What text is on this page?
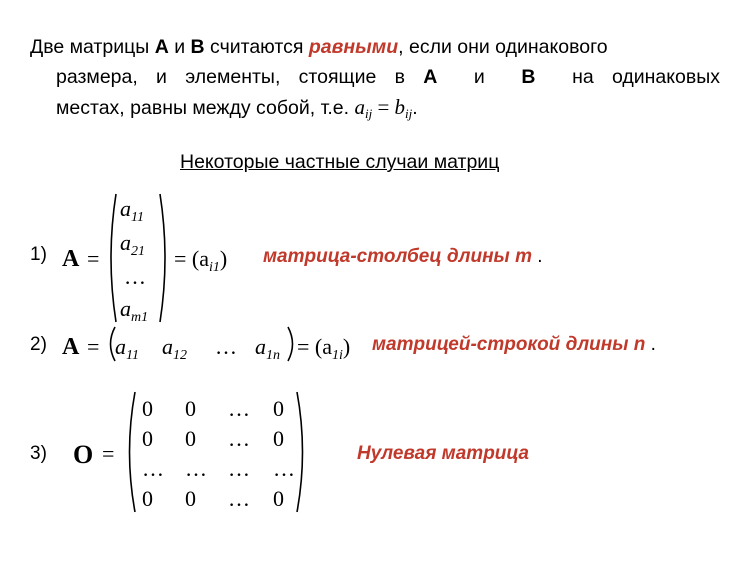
Две матрицы A и B считаются равными, если они одинакового
размера, и элементы, стоящие в A  и  B  на одинаковых
местах, равны между собой, т.е. $a_{ij} = b_{ij}$.
Некоторые частные случаи матриц
1) A =
$a_{11}$
$a_{21}$
…
$a_{m1}$
= $(a_{i1})$ матрица-столбец длины m .
2) $A = a_{11}$ $a_{12}$ … $a_{1n} = (a_{1i})$ матрицей-строкой длины n .
3) O =
0 0 … 0
0 0 … 0
… … … …
0 0 … 0
Нулевая матрица
